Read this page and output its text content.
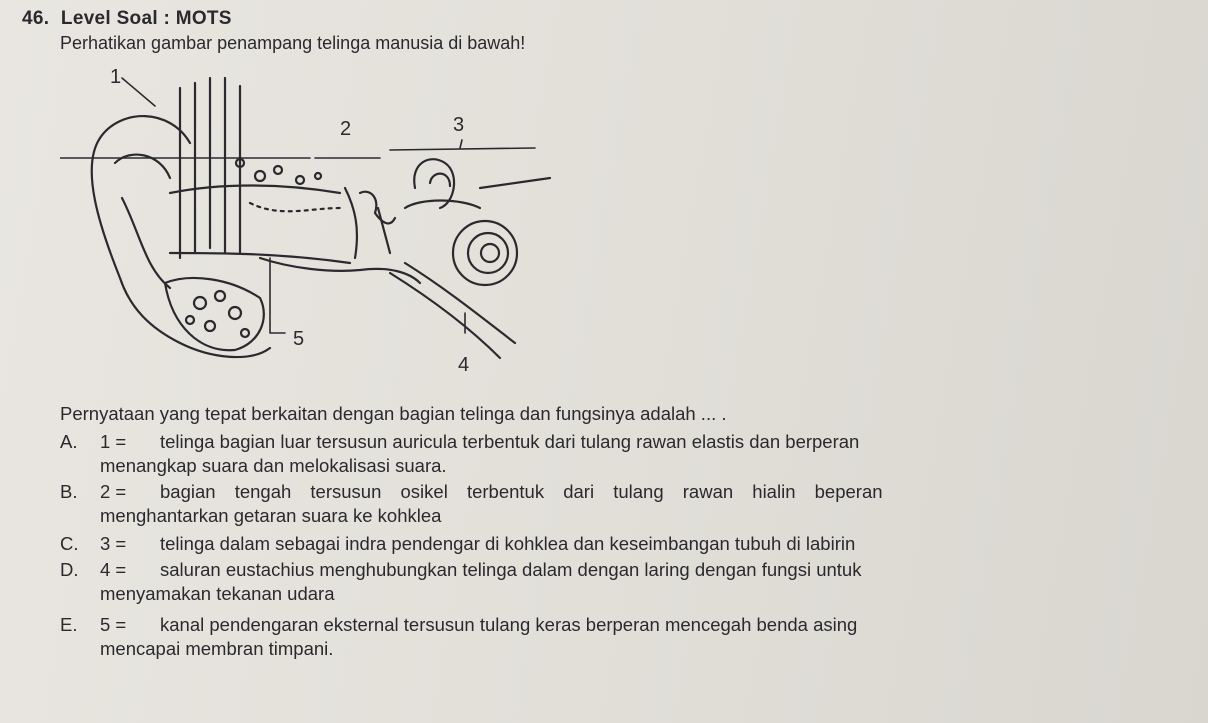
46. Level Soal : MOTS
Perhatikan gambar penampang telinga manusia di bawah!
1
2	3
4
5
Pernyataan yang tepat berkaitan dengan bagian telinga dan fungsinya adalah ... .
A.	1 = telinga bagian luar tersusun auricula terbentuk dari tulang rawan elastis dan berperan
menangkap suara dan melokalisasi suara.
B.	2 = bagian tengah tersusun osikel terbentuk dari tulang rawan hialin beperan
menghantarkan getaran suara ke kohklea
C.	3 = telinga dalam sebagai indra pendengar di kohklea dan keseimbangan tubuh di labirin
D.	4 = saluran eustachius menghubungkan telinga dalam dengan laring dengan fungsi untuk
menyamakan tekanan udara
E.	5 = kanal pendengaran eksternal tersusun tulang keras berperan mencegah benda asing
mencapai membran timpani.
